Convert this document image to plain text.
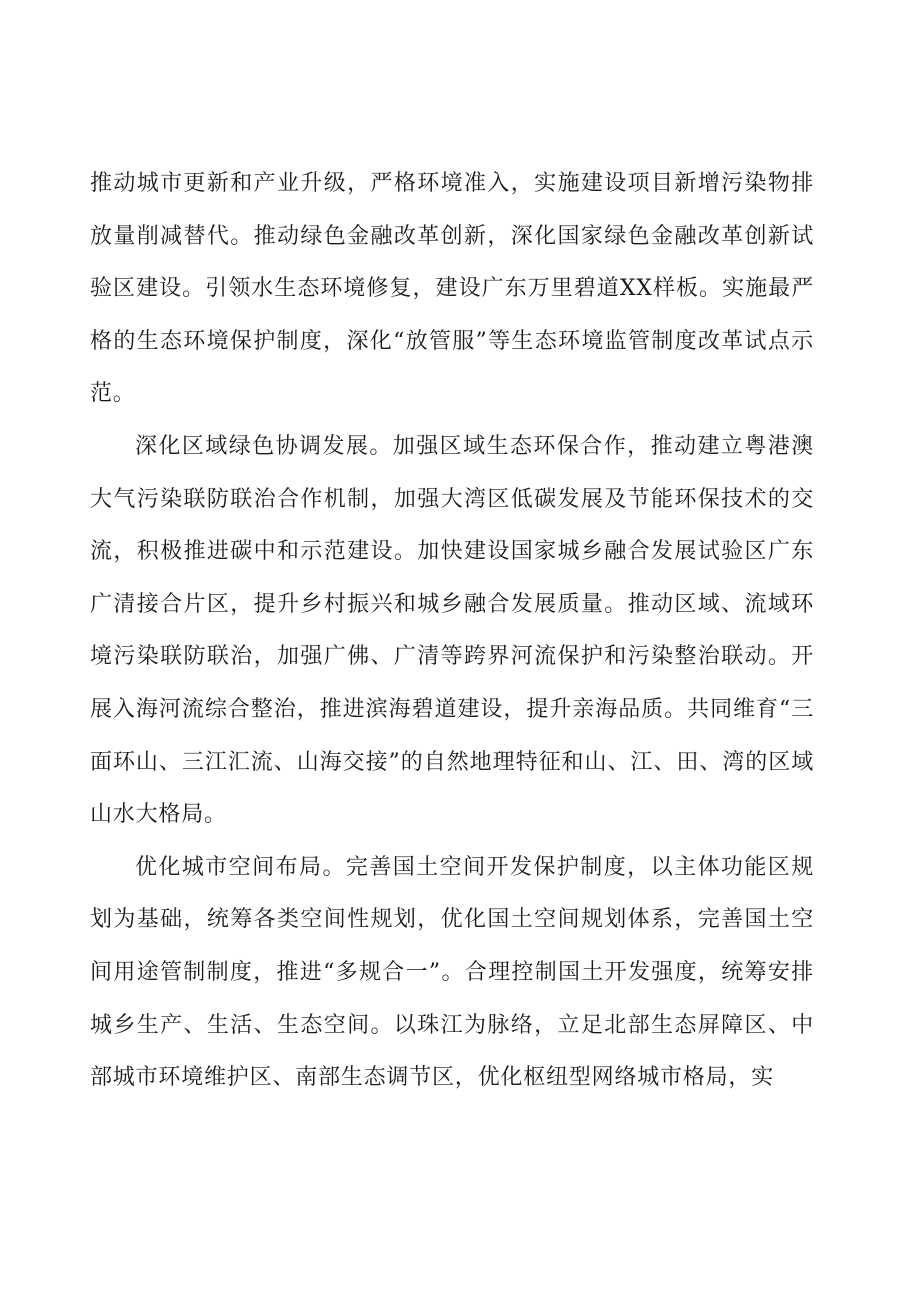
推动城市更新和产业升级，严格环境准入，实施建设项目新增污染物排放量削减替代。推动绿色金融改革创新，深化国家绿色金融改革创新试验区建设。引领水生态环境修复，建设广东万里碧道XX样板。实施最严格的生态环境保护制度，深化“放管服”等生态环境监管制度改革试点示范。

深化区域绿色协调发展。加强区域生态环保合作，推动建立粤港澳大气污染联防联治合作机制，加强大湾区低碳发展及节能环保技术的交流，积极推进碳中和示范建设。加快建设国家城乡融合发展试验区广东广清接合片区，提升乡村振兴和城乡融合发展质量。推动区域、流域环境污染联防联治，加强广佛、广清等跨界河流保护和污染整治联动。开展入海河流综合整治，推进滨海碧道建设，提升亲海品质。共同维育“三面环山、三江汇流、山海交接”的自然地理特征和山、江、田、湾的区域山水大格局。

优化城市空间布局。完善国土空间开发保护制度，以主体功能区规划为基础，统筹各类空间性规划，优化国土空间规划体系，完善国土空间用途管制制度，推进“多规合一”。合理控制国土开发强度，统筹安排城乡生产、生活、生态空间。以珠江为脉络，立足北部生态屏障区、中部城市环境维护区、南部生态调节区，优化枢纽型网络城市格局，实
